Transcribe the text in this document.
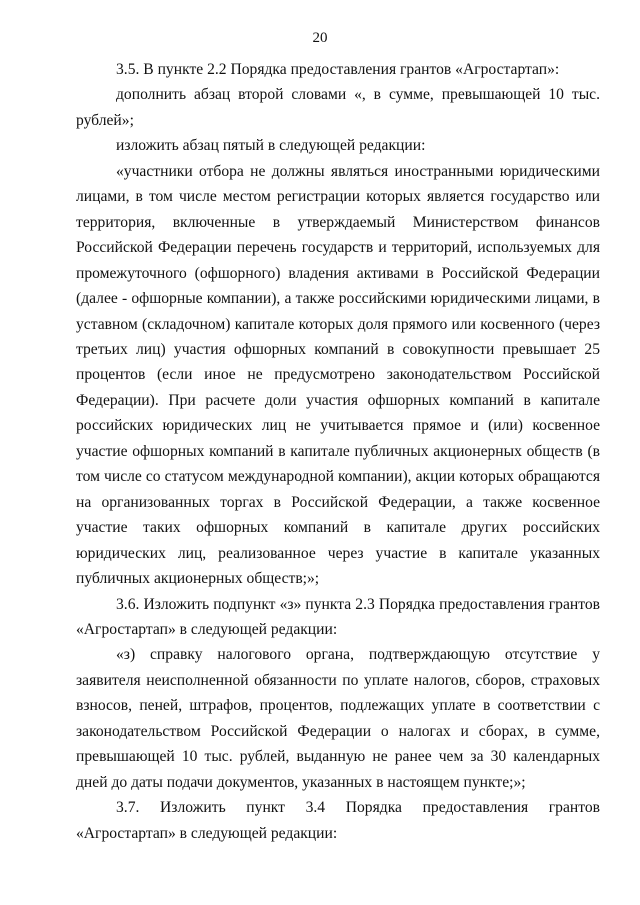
20

3.5. В пункте 2.2 Порядка предоставления грантов «Агростартап»:

дополнить абзац второй словами «, в сумме, превышающей 10 тыс. рублей»;

изложить абзац пятый в следующей редакции:

«участники отбора не должны являться иностранными юридическими лицами, в том числе местом регистрации которых является государство или территория, включенные в утверждаемый Министерством финансов Российской Федерации перечень государств и территорий, используемых для промежуточного (офшорного) владения активами в Российской Федерации (далее - офшорные компании), а также российскими юридическими лицами, в уставном (складочном) капитале которых доля прямого или косвенного (через третьих лиц) участия офшорных компаний в совокупности превышает 25 процентов (если иное не предусмотрено законодательством Российской Федерации). При расчете доли участия офшорных компаний в капитале российских юридических лиц не учитывается прямое и (или) косвенное участие офшорных компаний в капитале публичных акционерных обществ (в том числе со статусом международной компании), акции которых обращаются на организованных торгах в Российской Федерации, а также косвенное участие таких офшорных компаний в капитале других российских юридических лиц, реализованное через участие в капитале указанных публичных акционерных обществ;»;

3.6. Изложить подпункт «з» пункта 2.3 Порядка предоставления грантов «Агростартап» в следующей редакции:

«з) справку налогового органа, подтверждающую отсутствие у заявителя неисполненной обязанности по уплате налогов, сборов, страховых взносов, пеней, штрафов, процентов, подлежащих уплате в соответствии с законодательством Российской Федерации о налогах и сборах, в сумме, превышающей 10 тыс. рублей, выданную не ранее чем за 30 календарных дней до даты подачи документов, указанных в настоящем пункте;»;

3.7. Изложить пункт 3.4 Порядка предоставления грантов «Агростартап» в следующей редакции:
